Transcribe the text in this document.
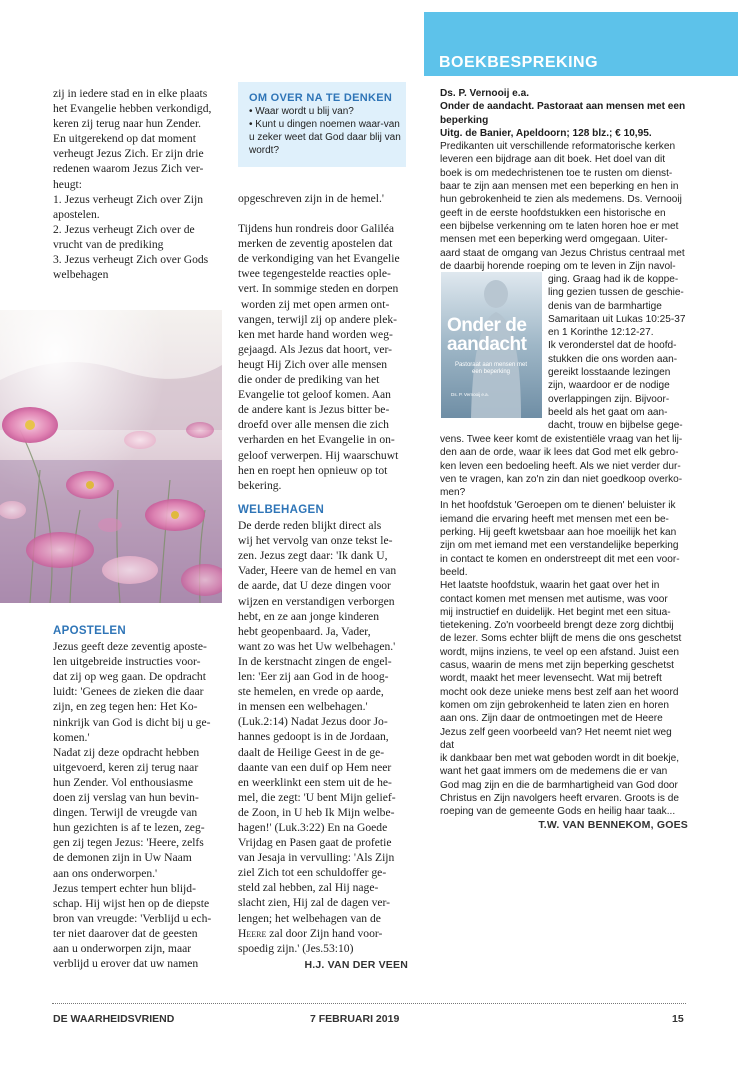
BOEKBESPREKING

zij in iedere stad en in elke plaats

het Evangelie hebben verkondigd,

keren zij terug naar hun Zender.

En uitgerekend op dat moment

verheugt Jezus Zich. Er zijn drie

redenen waarom Jezus Zich ver-

heugt:

1. Jezus verheugt Zich over Zijn

apostelen.

2. Jezus verheugt Zich over de

vrucht van de prediking

3. Jezus verheugt Zich over Gods

welbehagen

APOSTELEN

Jezus geeft deze zeventig aposte-

len uitgebreide instructies voor-

dat zij op weg gaan. De opdracht

luidt: 'Genees de zieken die daar

zijn, en zeg tegen hen: Het Ko-

ninkrijk van God is dicht bij u ge-

komen.'

Nadat zij deze opdracht hebben

uitgevoerd, keren zij terug naar

hun Zender. Vol enthousiasme

doen zij verslag van hun bevin-

dingen. Terwijl de vreugde van

hun gezichten is af te lezen, zeg-

gen zij tegen Jezus: 'Heere, zelfs

de demonen zijn in Uw Naam

aan ons onderworpen.'

Jezus tempert echter hun blijd-

schap. Hij wijst hen op de diepste

bron van vreugde: 'Verblijd u ech-

ter niet daarover dat de geesten

aan u onderworpen zijn, maar

verblijd u erover dat uw namen

OM OVER NA TE DENKEN

• Waar wordt u blij van?
• Kunt u dingen noemen waar-van u zeker weet dat God daar blij van wordt?

opgeschreven zijn in de hemel.'

Tijdens hun rondreis door Galiléa

merken de zeventig apostelen dat

de verkondiging van het Evangelie

twee tegengestelde reacties ople-

vert. In sommige steden en dorpen

worden zij met open armen ont-

vangen, terwijl zij op andere plek-

ken met harde hand worden weg-

gejaagd. Als Jezus dat hoort, ver-

heugt Hij Zich over alle mensen

die onder de prediking van het

Evangelie tot geloof komen. Aan

de andere kant is Jezus bitter be-

droefd over alle mensen die zich

verharden en het Evangelie in on-

geloof verwerpen. Hij waarschuwt

hen en roept hen opnieuw op tot

bekering.

WELBEHAGEN

De derde reden blijkt direct als

wij het vervolg van onze tekst le-

zen. Jezus zegt daar: 'Ik dank U,

Vader, Heere van de hemel en van

de aarde, dat U deze dingen voor

wijzen en verstandigen verborgen

hebt, en ze aan jonge kinderen

hebt geopenbaard. Ja, Vader,

want zo was het Uw welbehagen.'

In de kerstnacht zingen de engel-

len: 'Eer zij aan God in de hoog-

ste hemelen, en vrede op aarde,

in mensen een welbehagen.'

(Luk.2:14) Nadat Jezus door Jo-

hannes gedoopt is in de Jordaan,

daalt de Heilige Geest in de ge-

daante van een duif op Hem neer

en weerklinkt een stem uit de he-

mel, die zegt: 'U bent Mijn gelief-

de Zoon, in U heb Ik Mijn welbe-

hagen!' (Luk.3:22) En na Goede

Vrijdag en Pasen gaat de profetie

van Jesaja in vervulling: 'Als Zijn

ziel Zich tot een schuldoffer ge-

steld zal hebben, zal Hij nage-

slacht zien, Hij zal de dagen ver-

lengen; het welbehagen van de

Heere zal door Zijn hand voor-

spoedig zijn.' (Jes.53:10)

H.J. VAN DER VEEN

Ds. P. Vernooij e.a.

Onder de aandacht. Pastoraat aan mensen met een beperking

Uitg. de Banier, Apeldoorn; 128 blz.; € 10,95.

Predikanten uit verschillende reformatorische kerken

leveren een bijdrage aan dit boek. Het doel van dit

boek is om medechristenen toe te rusten om dienst-

baar te zijn aan mensen met een beperking en hen in

hun gebrokenheid te zien als medemens. Ds. Vernooij

geeft in de eerste hoofdstukken een historische en

een bijbelse verkenning om te laten horen hoe er met

mensen met een beperking werd omgegaan. Uiter-

aard staat de omgang van Jezus Christus centraal met

de daarbij horende roeping om te leven in Zijn navol-

Onder de
aandacht
Pastoraat aan mensen met een beperking
Ds. P. Vernooij e.a.

ging. Graag had ik de koppe-

ling gezien tussen de geschie-

denis van de barmhartige

Samaritaan uit Lukas 10:25-37

en 1 Korinthe 12:12-27.

Ik veronderstel dat de hoofd-

stukken die ons worden aan-

gereikt losstaande lezingen

zijn, waardoor er de nodige

overlappingen zijn. Bijvoor-

beeld als het gaat om aan-

dacht, trouw en bijbelse gege-

vens. Twee keer komt de existentiële vraag van het lij-

den aan de orde, waar ik lees dat God met elk gebro-

ken leven een bedoeling heeft. Als we niet verder dur-

ven te vragen, kan zo'n zin dan niet goedkoop overko-

men?

In het hoofdstuk 'Geroepen om te dienen' beluister ik

iemand die ervaring heeft met mensen met een be-

perking. Hij geeft kwetsbaar aan hoe moeilijk het kan

zijn om met iemand met een verstandelijke beperking

in contact te komen en onderstreept dit met een voor-

beeld.

Het laatste hoofdstuk, waarin het gaat over het in

contact komen met mensen met autisme, was voor

mij instructief en duidelijk. Het begint met een situa-

tietekening. Zo'n voorbeeld brengt deze zorg dichtbij

de lezer. Soms echter blijft de mens die ons geschetst

wordt, mijns inziens, te veel op een afstand. Juist een

casus, waarin de mens met zijn beperking geschetst

wordt, maakt het meer levensecht. Wat mij betreft

mocht ook deze unieke mens best zelf aan het woord

komen om zijn gebrokenheid te laten zien en horen

aan ons. Zijn daar de ontmoetingen met de Heere

Jezus zelf geen voorbeeld van? Het neemt niet weg dat

ik dankbaar ben met wat geboden wordt in dit boekje,

want het gaat immers om de medemens die er van

God mag zijn en die de barmhartigheid van God door

Christus en Zijn navolgers heeft ervaren. Groots is de

roeping van de gemeente Gods en heilig haar taak...

T.W. VAN BENNEKOM, GOES

DE WAARHEIDSVRIEND	7 FEBRUARI 2019	15
